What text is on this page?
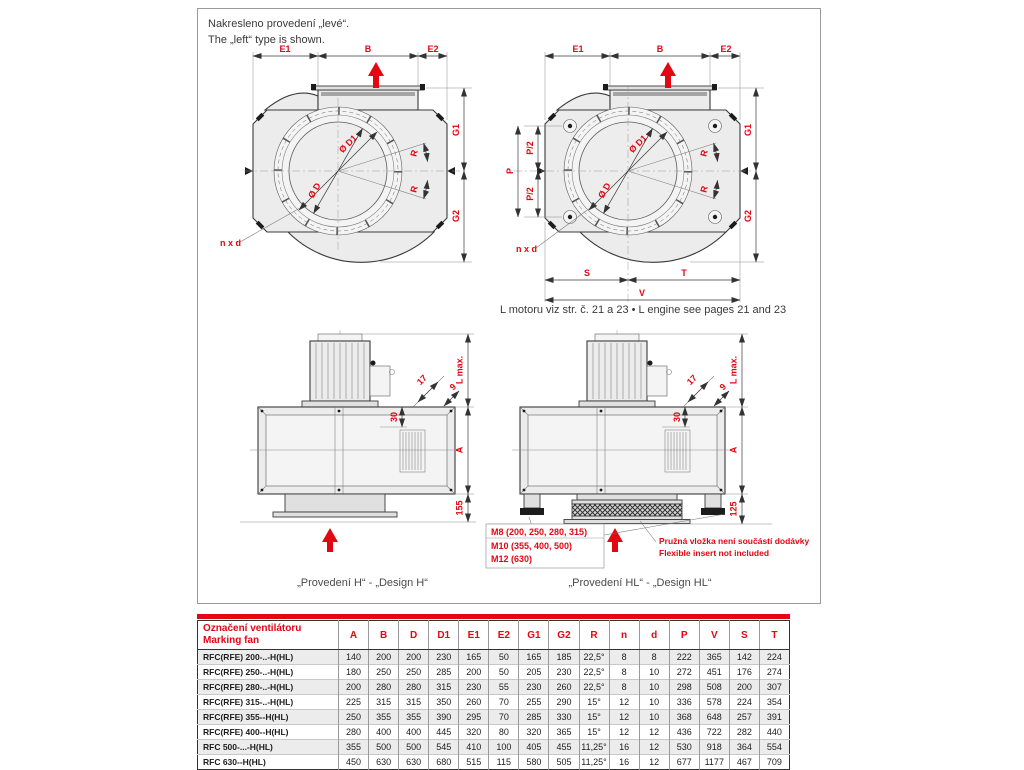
Nakresleno provedení „levé“.
The „left“ type is shown.
Ø D1
Ø D
R
R
E1	B	E2
G1
G2
n x d
Ø D1
Ø D
R
R
E1	B	E2
P/2
P/2
P
G1
G2
S	T
V
n x d
L motoru viz str. č. 21 a 23 • L engine see pages 21 and 23
L max.
A
155
30
17 9
L max.
A
125
30
17 9
M8 (200, 250, 280, 315)
M10 (355, 400, 500)
M12 (630)
Pružná vložka není součástí dodávky
Flexible insert not included
„Provedení H“ - „Design H“	„Provedení HL“ - „Design HL“
Označení ventilátoru
Marking fan	A	B	D	D1	E1	E2	G1	G2	R	n	d	P	V	S	T
RFC(RFE) 200-..-H(HL)	140	200	200	230	165	50	165	185	22,5°	8	8	222	365	142	224
RFC(RFE) 250-..-H(HL)	180	250	250	285	200	50	205	230	22,5°	8	10	272	451	176	274
RFC(RFE) 280-..-H(HL)	200	280	280	315	230	55	230	260	22,5°	8	10	298	508	200	307
RFC(RFE) 315-..-H(HL)	225	315	315	350	260	70	255	290	15°	12	10	336	578	224	354
RFC(RFE) 355--H(HL)	250	355	355	390	295	70	285	330	15°	12	10	368	648	257	391
RFC(RFE) 400--H(HL)	280	400	400	445	320	80	320	365	15°	12	12	436	722	282	440
RFC 500-...-H(HL)	355	500	500	545	410	100	405	455	11,25°	16	12	530	918	364	554
RFC 630--H(HL)	450	630	630	680	515	115	580	505	11,25°	16	12	677	1177	467	709
